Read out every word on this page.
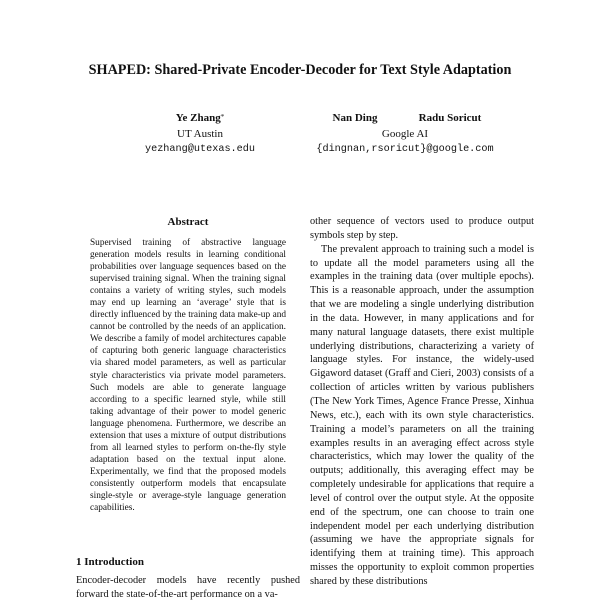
SHAPED: Shared-Private Encoder-Decoder for Text Style Adaptation
Ye Zhang*
UT Austin
yezhang@utexas.edu
Nan Ding	Radu Soricut
Google AI
{dingnan,rsoricut}@google.com
Abstract
Supervised training of abstractive language generation models results in learning conditional probabilities over language sequences based on the supervised training signal. When the training signal contains a variety of writing styles, such models may end up learning an ‘average’ style that is directly influenced by the training data make-up and cannot be controlled by the needs of an application. We describe a family of model architectures capable of capturing both generic language characteristics via shared model parameters, as well as particular style characteristics via private model parameters. Such models are able to generate language according to a specific learned style, while still taking advantage of their power to model generic language phenomena. Furthermore, we describe an extension that uses a mixture of output distributions from all learned styles to perform on-the-fly style adaptation based on the textual input alone. Experimentally, we find that the proposed models consistently outperform models that encapsulate single-style or average-style language generation capabilities.
1 Introduction
Encoder-decoder models have recently pushed forward the state-of-the-art performance on a va-

other sequence of vectors used to produce output symbols step by step.

The prevalent approach to training such a model is to update all the model parameters using all the examples in the training data (over multiple epochs). This is a reasonable approach, under the assumption that we are modeling a single underlying distribution in the data. However, in many applications and for many natural language datasets, there exist multiple underlying distributions, characterizing a variety of language styles. For instance, the widely-used Gigaword dataset (Graff and Cieri, 2003) consists of a collection of articles written by various publishers (The New York Times, Agence France Presse, Xinhua News, etc.), each with its own style characteristics. Training a model’s parameters on all the training examples results in an averaging effect across style characteristics, which may lower the quality of the outputs; additionally, this averaging effect may be completely undesirable for applications that require a level of control over the output style. At the opposite end of the spectrum, one can choose to train one independent model per each underlying distribution (assuming we have the appropriate signals for identifying them at training time). This approach misses the opportunity to exploit common properties shared by these distributions
